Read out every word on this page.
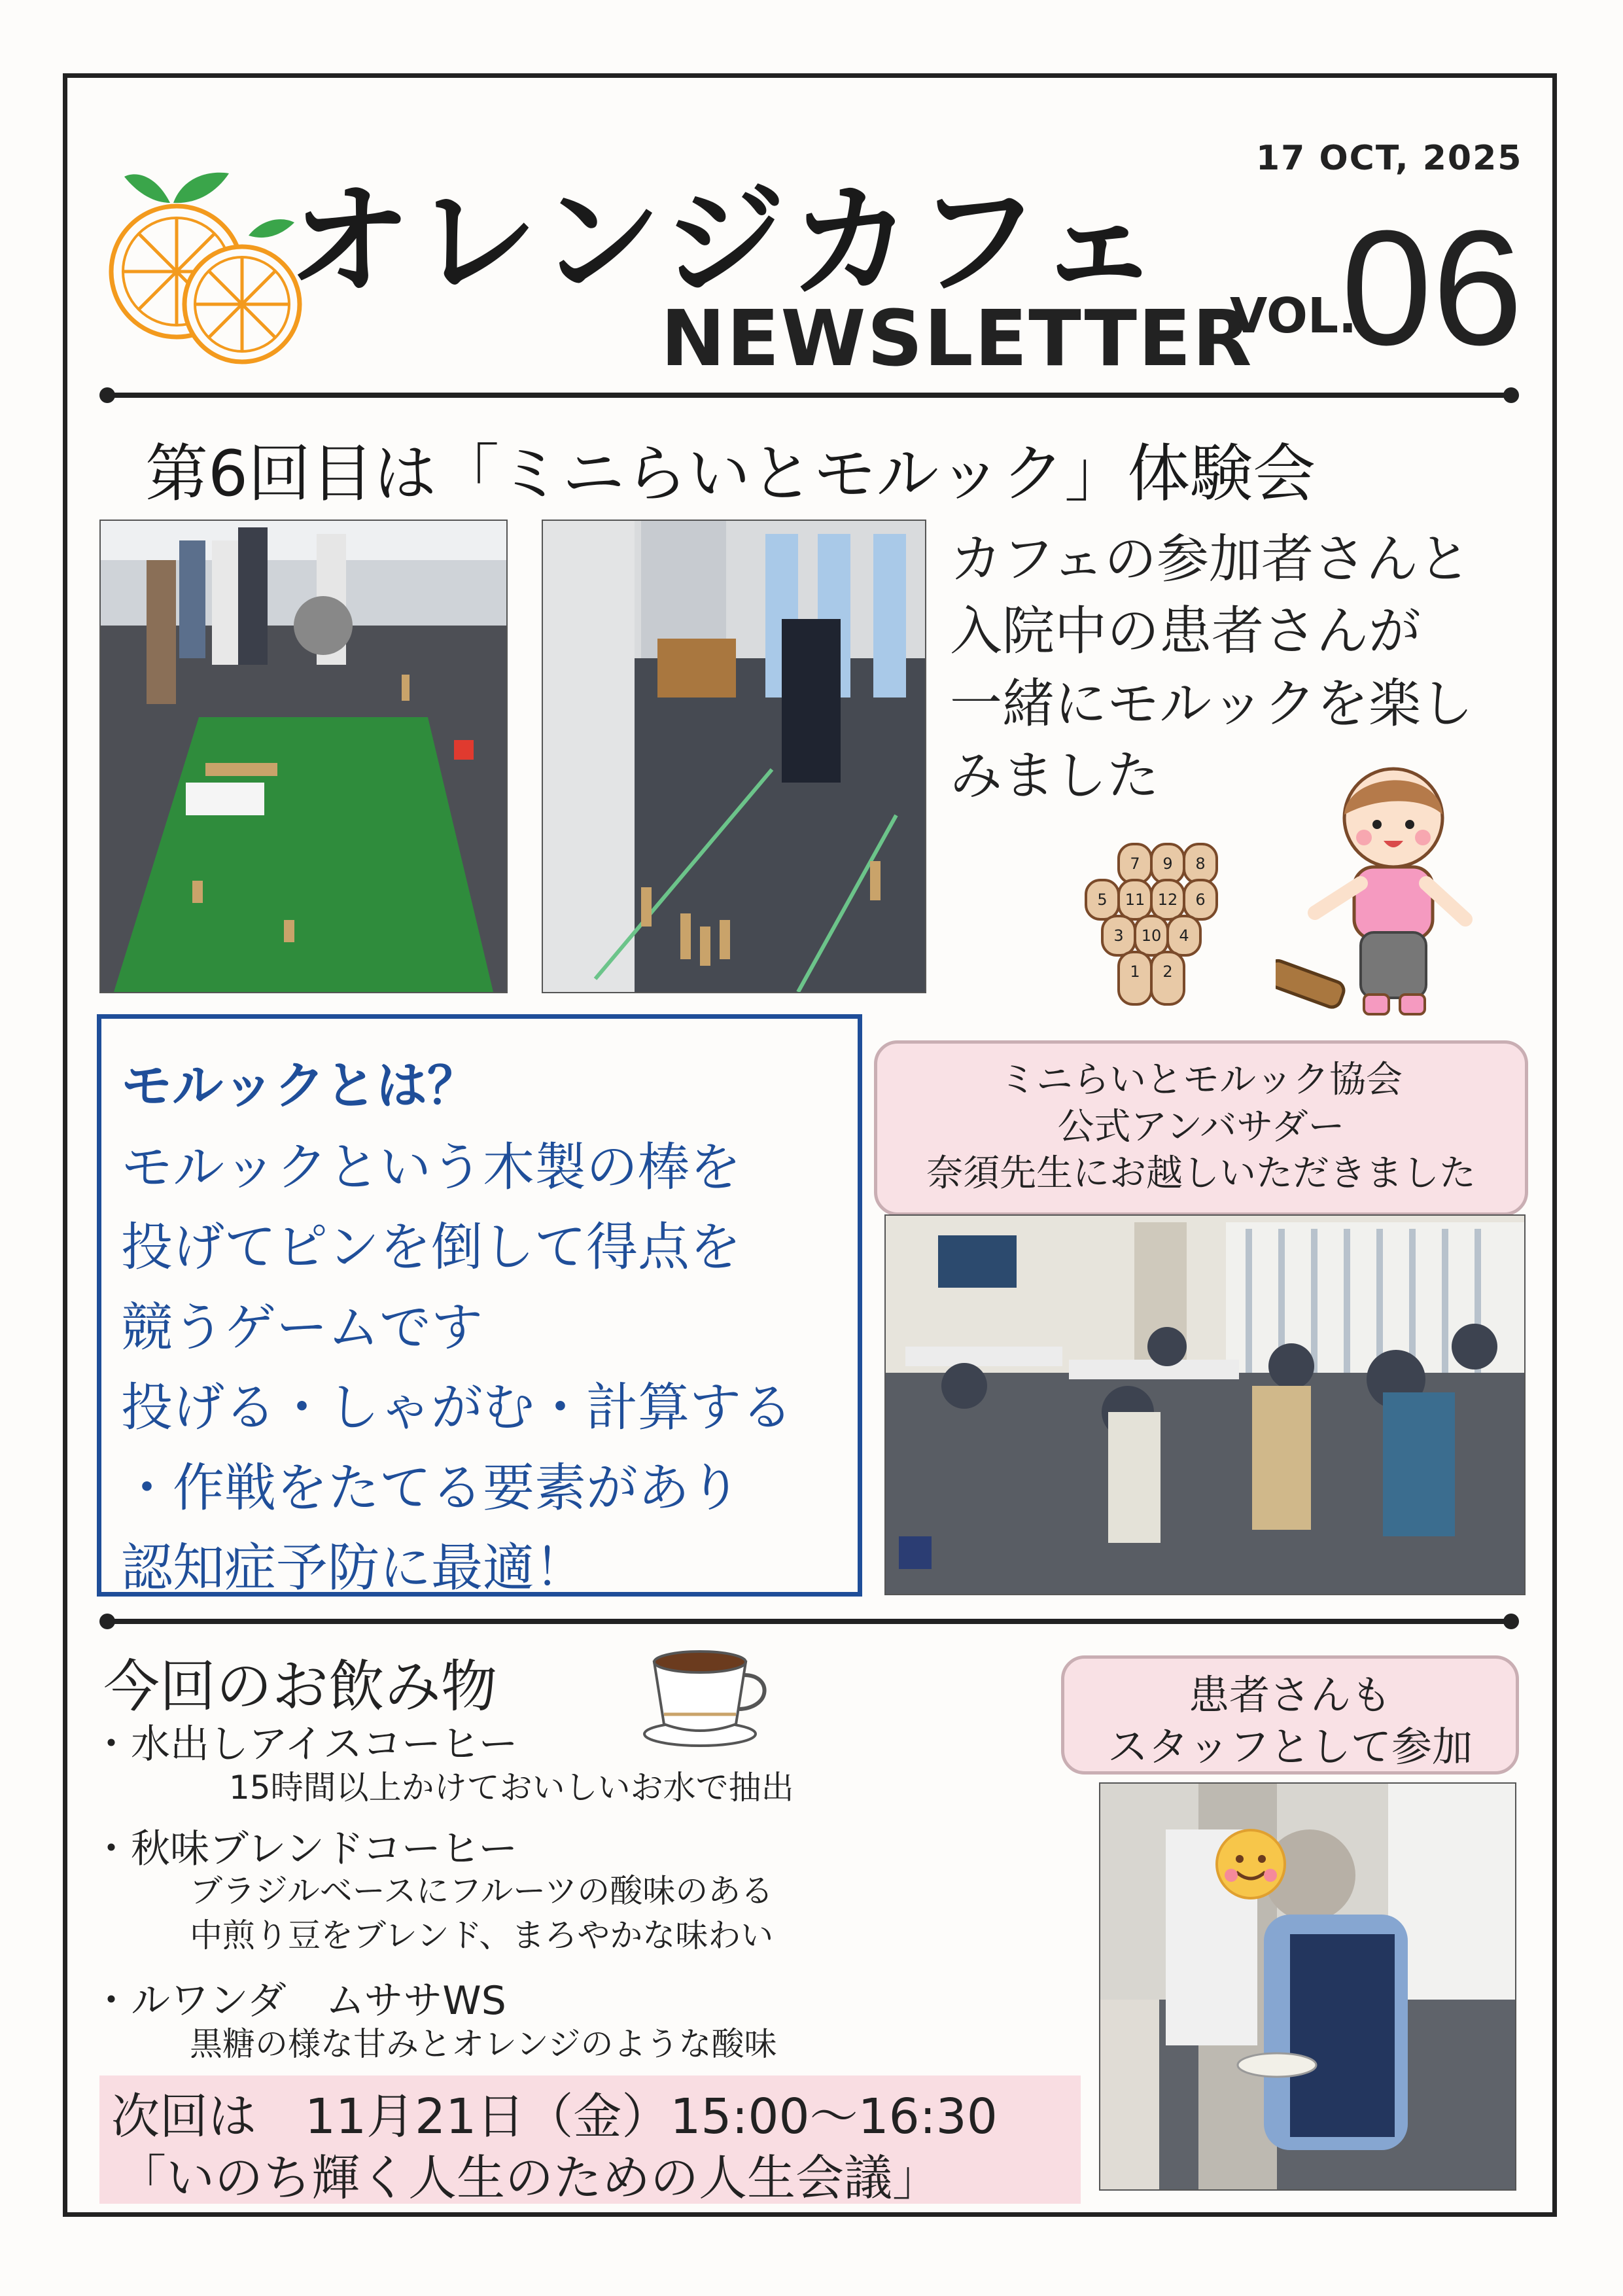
オレンジカフェ
NEWSLETTER
17 OCT, 2025
VOL.
06
第6回目は「ミニらいとモルック」体験会
カフェの参加者さんと
入院中の患者さんが
一緒にモルックを楽し
みました
7 9 8
5 11 12 6
3 10 4
1 2
モルックとは？
モルックという木製の棒を
投げてピンを倒して得点を
競うゲームです
投げる・しゃがむ・計算する
・作戦をたてる要素があり
認知症予防に最適！
ミニらいとモルック協会
公式アンバサダー
奈須先生にお越しいただきました
今回のお飲み物
・水出しアイスコーヒー
15時間以上かけておいしいお水で抽出
・秋味ブレンドコーヒー
ブラジルベースにフルーツの酸味のある
中煎り豆をブレンド、まろやかな味わい
・ルワンダ　ムササWS
黒糖の様な甘みとオレンジのような酸味
患者さんも
スタッフとして参加
次回は　11月21日（金）15:00～16:30
「いのち輝く人生のための人生会議」
